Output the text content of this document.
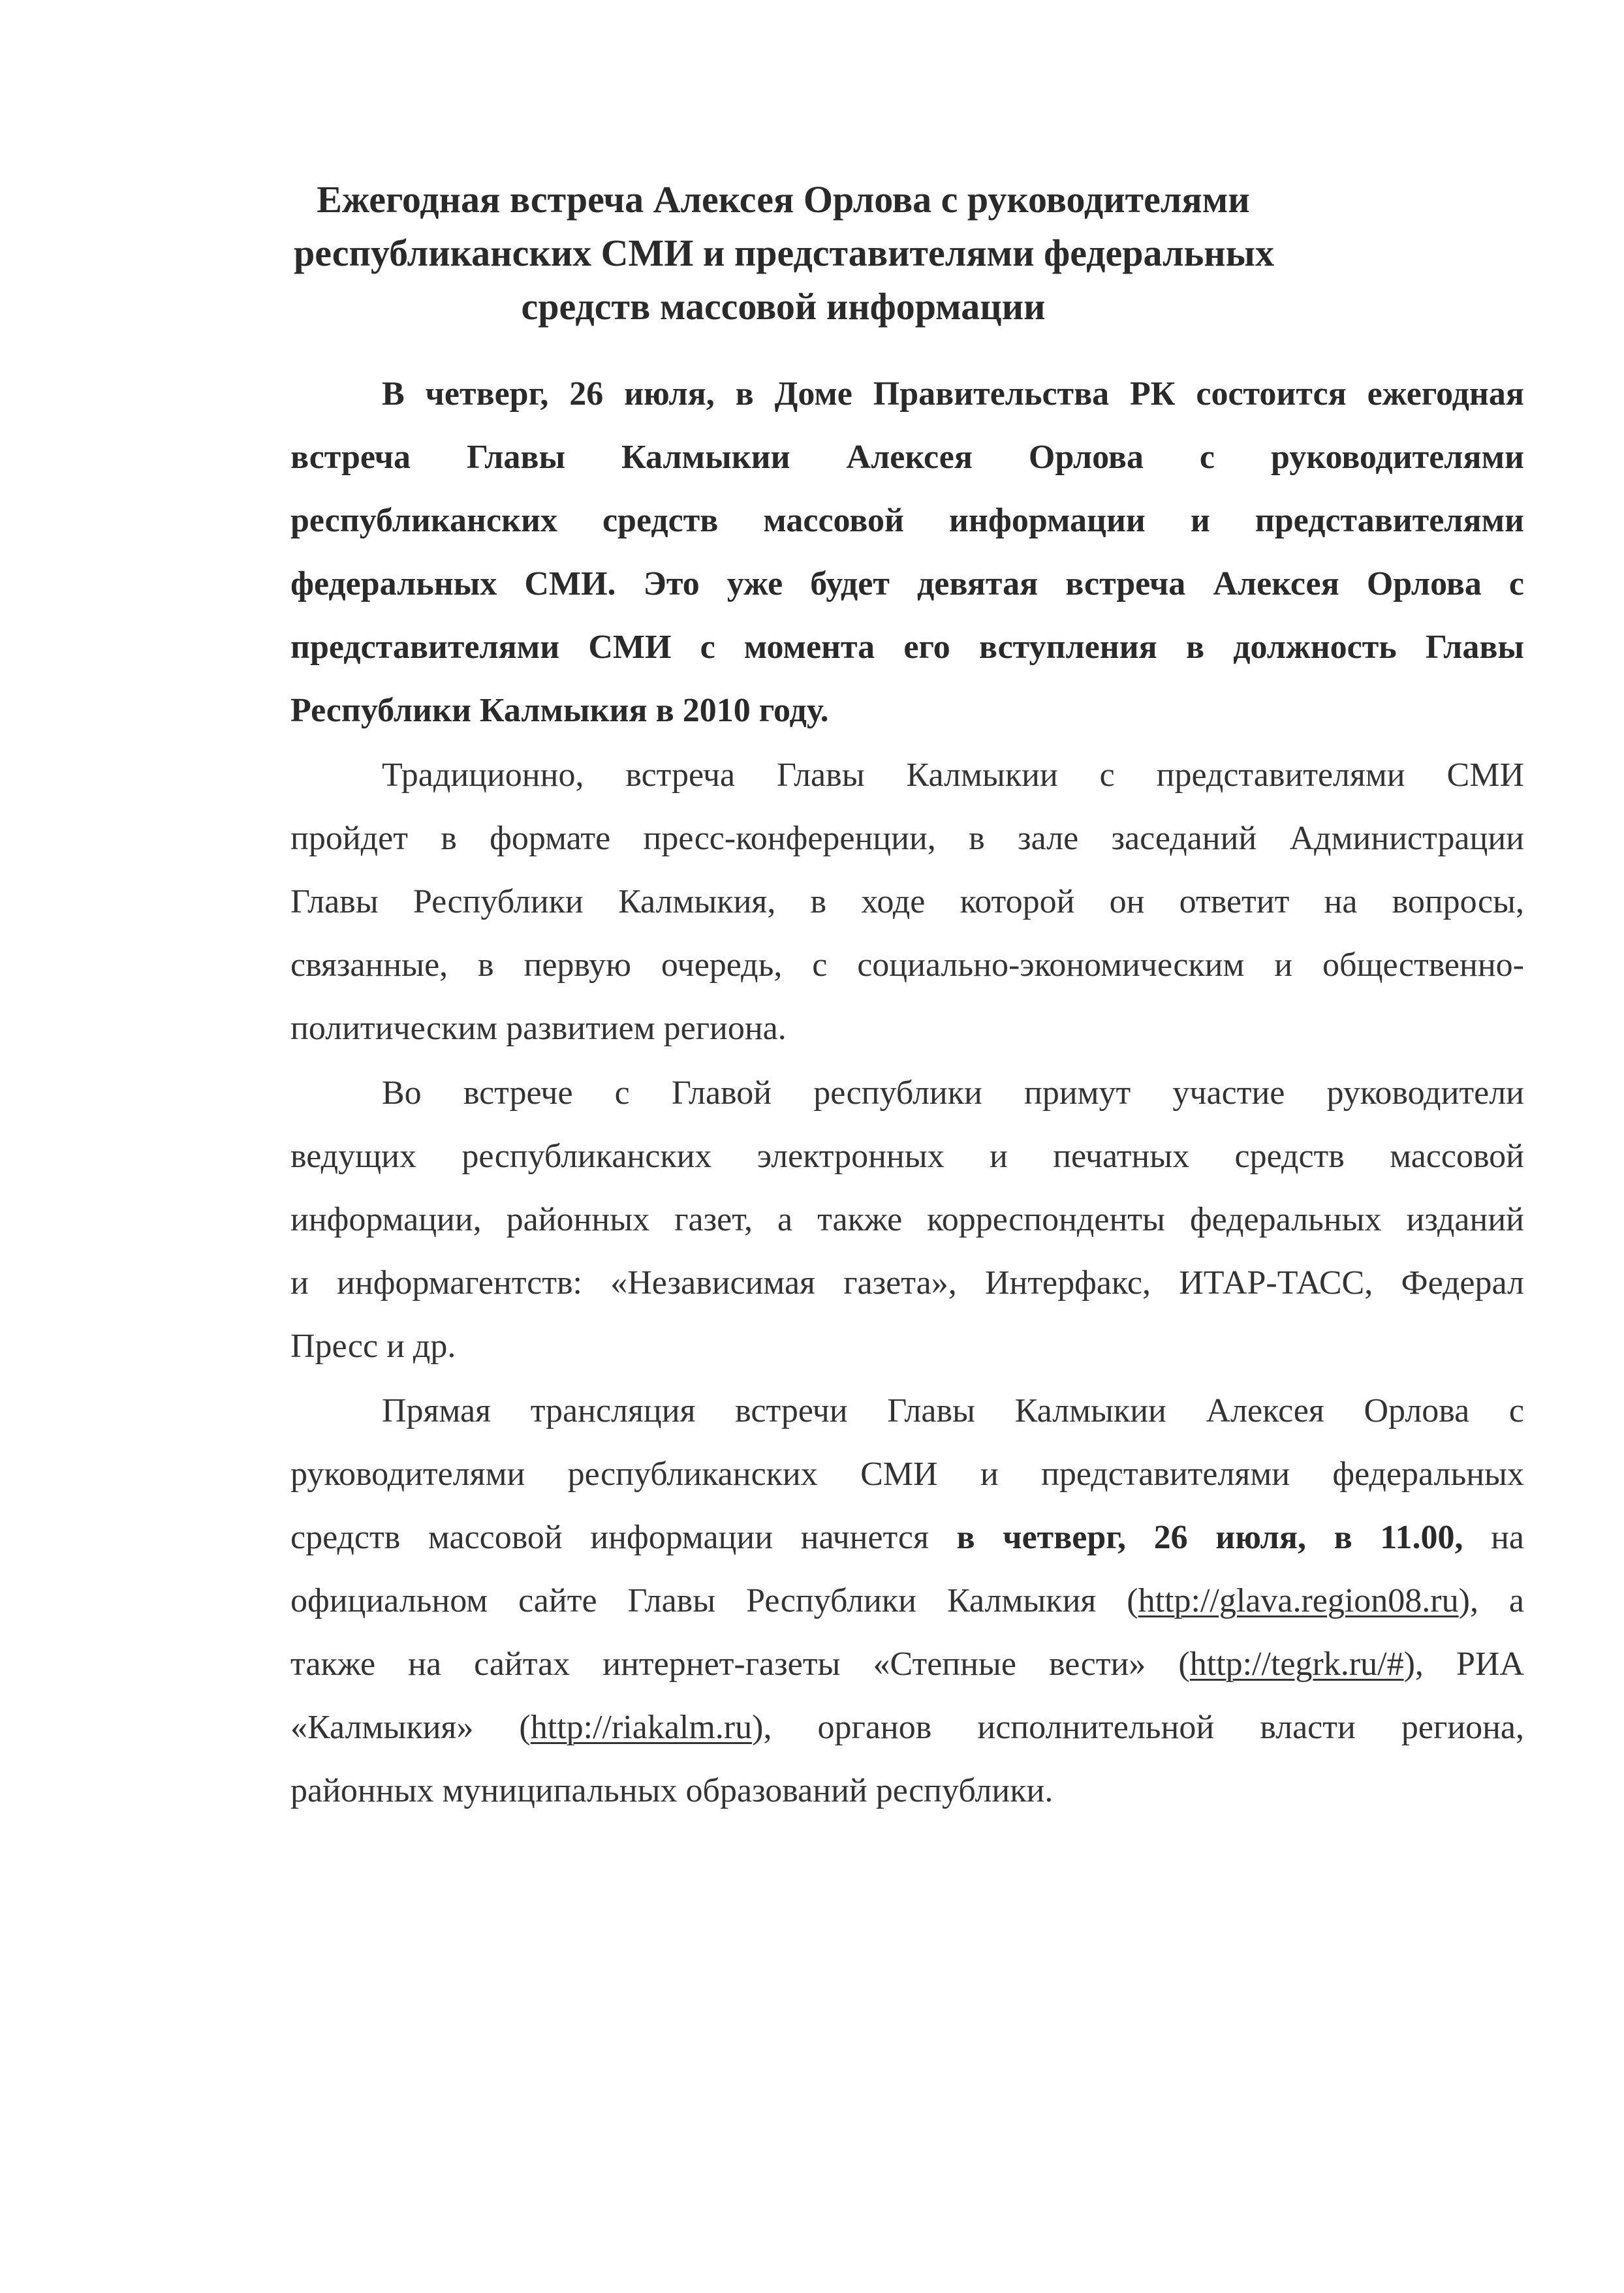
Ежегодная встреча Алексея Орлова с руководителями
республиканских СМИ и представителями федеральных
средств массовой информации

В четверг, 26 июля, в Доме Правительства РК состоится ежегодная
встреча Главы Калмыкии Алексея Орлова с руководителями
республиканских средств массовой информации и представителями
федеральных СМИ. Это уже будет девятая встреча Алексея Орлова с
представителями СМИ с момента его вступления в должность Главы
Республики Калмыкия в 2010 году.

Традиционно, встреча Главы Калмыкии с представителями СМИ
пройдет в формате пресс-конференции, в зале заседаний Администрации
Главы Республики Калмыкия, в ходе которой он ответит на вопросы,
связанные, в первую очередь, с социально-экономическим и общественно-
политическим развитием региона.

Во встрече с Главой республики примут участие руководители
ведущих республиканских электронных и печатных средств массовой
информации, районных газет, а также корреспонденты федеральных изданий
и информагентств: «Независимая газета», Интерфакс, ИТАР-ТАСС, Федерал
Пресс и др.

Прямая трансляция встречи Главы Калмыкии Алексея Орлова с
руководителями республиканских СМИ и представителями федеральных
средств массовой информации начнется в четверг, 26 июля, в 11.00, на
официальном сайте Главы Республики Калмыкия (http://glava.region08.ru), а
также на сайтах интернет-газеты «Степные вести» (http://tegrk.ru/#), РИА
«Калмыкия» (http://riakalm.ru), органов исполнительной власти региона,
районных муниципальных образований республики.
